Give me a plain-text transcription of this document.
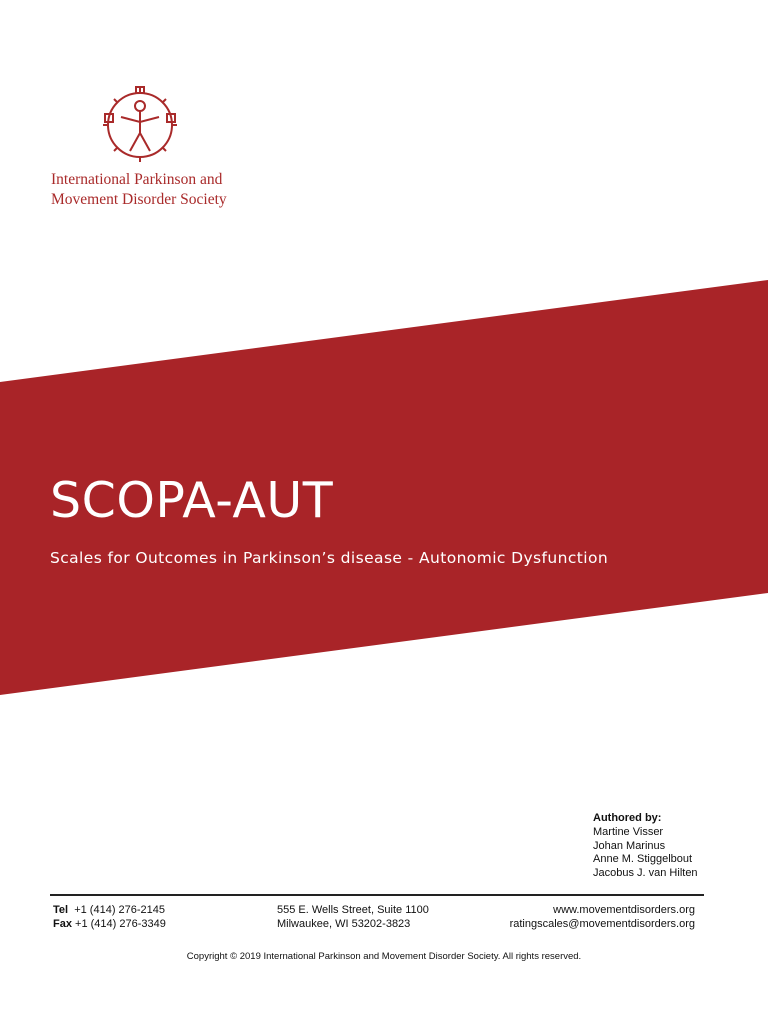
International Parkinson and
Movement Disorder Society
SCOPA-AUT
Scales for Outcomes in Parkinson’s disease - Autonomic Dysfunction
Authored by:
Martine Visser
Johan Marinus
Anne M. Stiggelbout
Jacobus J. van Hilten
Tel +1 (414) 276-2145
Fax +1 (414) 276-3349
555 E. Wells Street, Suite 1100
Milwaukee, WI 53202-3823
www.movementdisorders.org
ratingscales@movementdisorders.org
Copyright © 2019 International Parkinson and Movement Disorder Society. All rights reserved.
